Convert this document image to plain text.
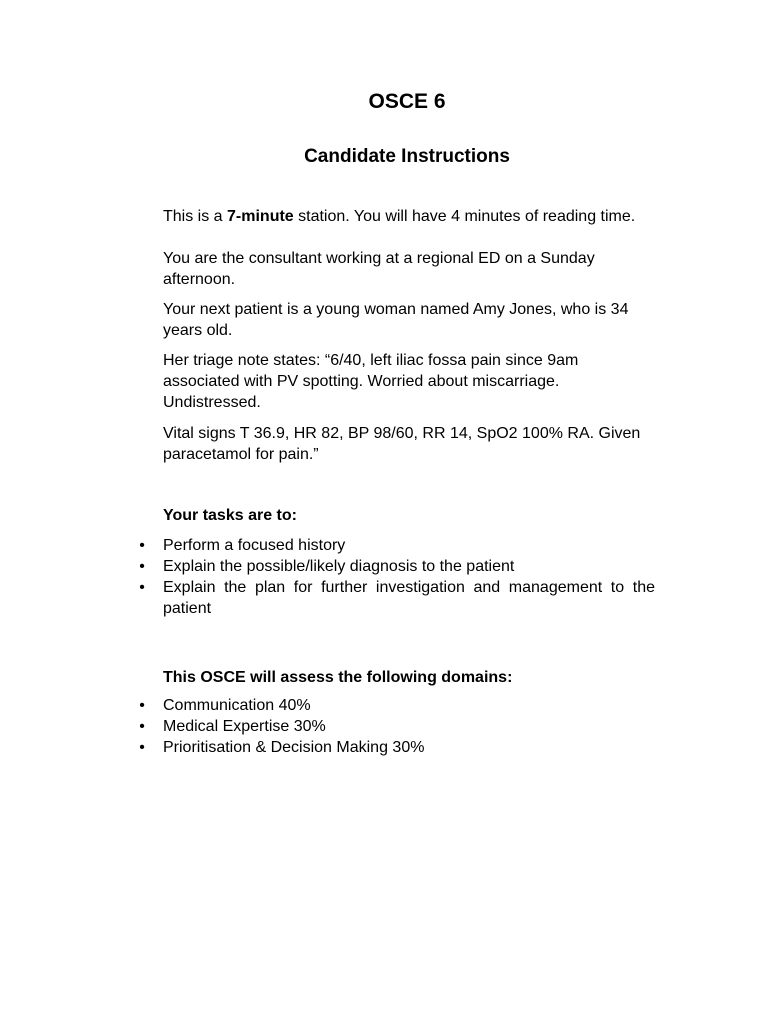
OSCE 6
Candidate Instructions

This is a 7-minute station. You will have 4 minutes of reading time.

You are the consultant working at a regional ED on a Sunday afternoon.

Your next patient is a young woman named Amy Jones, who is 34 years old.

Her triage note states: “6/40, left iliac fossa pain since 9am associated with PV spotting. Worried about miscarriage. Undistressed.

Vital signs T 36.9, HR 82, BP 98/60, RR 14, SpO2 100% RA. Given paracetamol for pain.”

Your tasks are to:

• Perform a focused history
• Explain the possible/likely diagnosis to the patient
• Explain the plan for further investigation and management to the patient

This OSCE will assess the following domains:

• Communication 40%
• Medical Expertise 30%
• Prioritisation & Decision Making 30%
